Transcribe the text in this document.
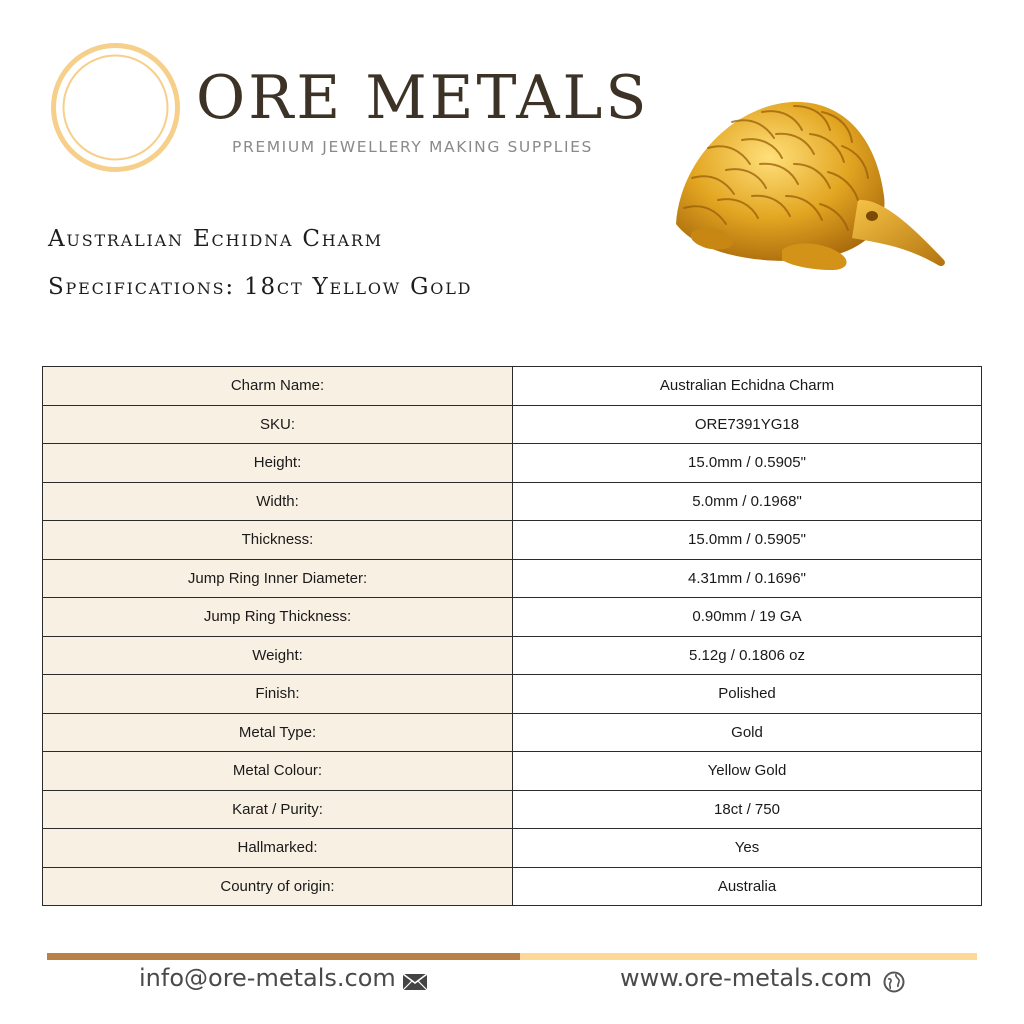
ORE METALS
PREMIUM JEWELLERY MAKING SUPPLIES
Australian Echidna Charm
Specifications: 18ct Yellow Gold
Charm Name:	Australian Echidna Charm
SKU:	ORE7391YG18
Height:	15.0mm / 0.5905"
Width:	5.0mm / 0.1968"
Thickness:	15.0mm / 0.5905"
Jump Ring Inner Diameter:	4.31mm / 0.1696"
Jump Ring Thickness:	0.90mm / 19 GA
Weight:	5.12g / 0.1806 oz
Finish:	Polished
Metal Type:	Gold
Metal Colour:	Yellow Gold
Karat / Purity:	18ct / 750
Hallmarked:	Yes
Country of origin:	Australia
info@ore-metals.com	www.ore-metals.com
